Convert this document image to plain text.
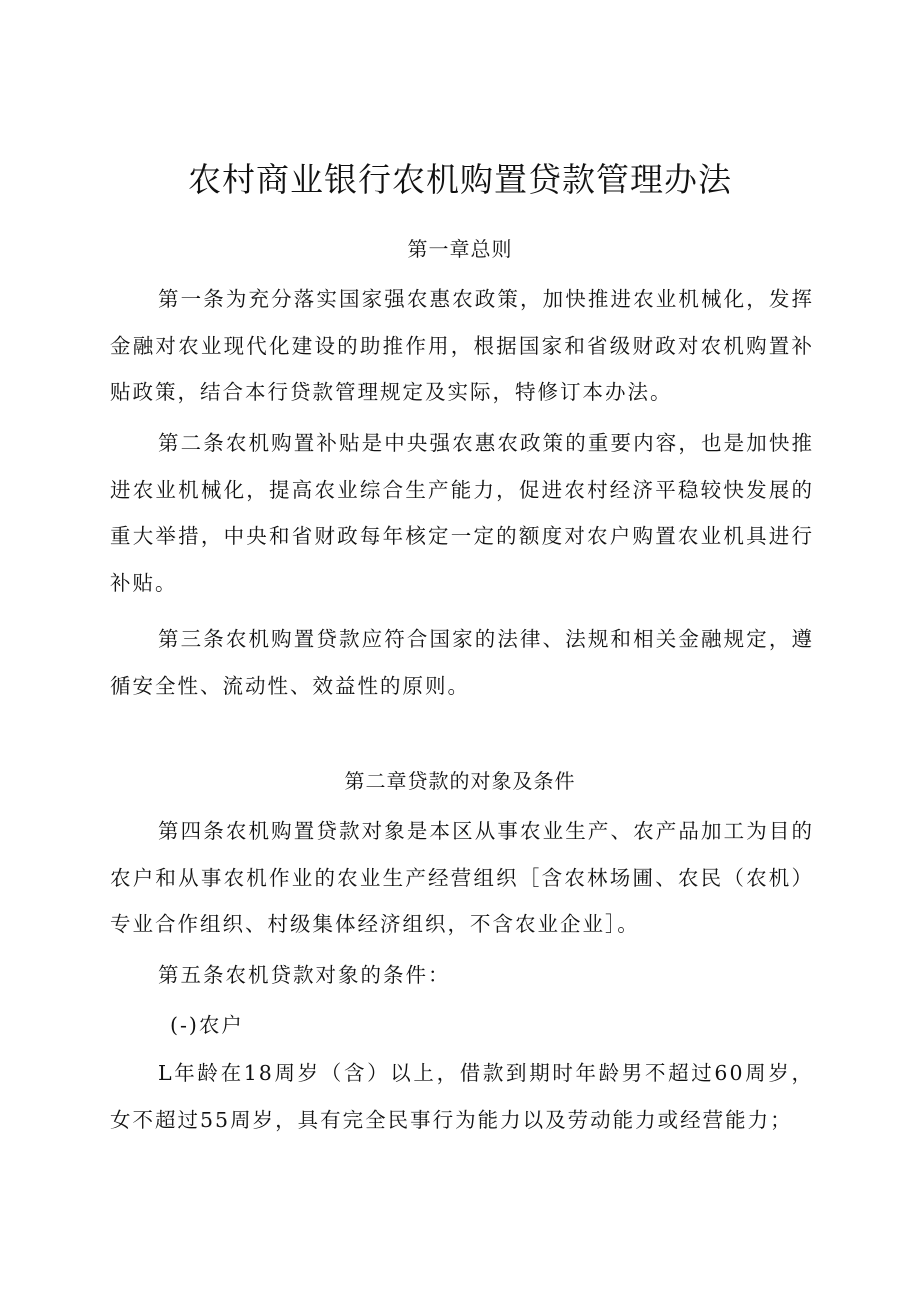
农村商业银行农机购置贷款管理办法
第一章总则

第一条为充分落实国家强农惠农政策，加快推进农业机械化，发挥金融对农业现代化建设的助推作用，根据国家和省级财政对农机购置补贴政策，结合本行贷款管理规定及实际，特修订本办法。

第二条农机购置补贴是中央强农惠农政策的重要内容，也是加快推进农业机械化，提高农业综合生产能力，促进农村经济平稳较快发展的重大举措，中央和省财政每年核定一定的额度对农户购置农业机具进行补贴。

第三条农机购置贷款应符合国家的法律、法规和相关金融规定，遵循安全性、流动性、效益性的原则。

第二章贷款的对象及条件

第四条农机购置贷款对象是本区从事农业生产、农产品加工为目的农户和从事农机作业的农业生产经营组织［含农林场圃、农民（农机）专业合作组织、村级集体经济组织，不含农业企业］。

第五条农机贷款对象的条件：

(-)农户

L年龄在18周岁（含）以上，借款到期时年龄男不超过60周岁，女不超过55周岁，具有完全民事行为能力以及劳动能力或经营能力；
